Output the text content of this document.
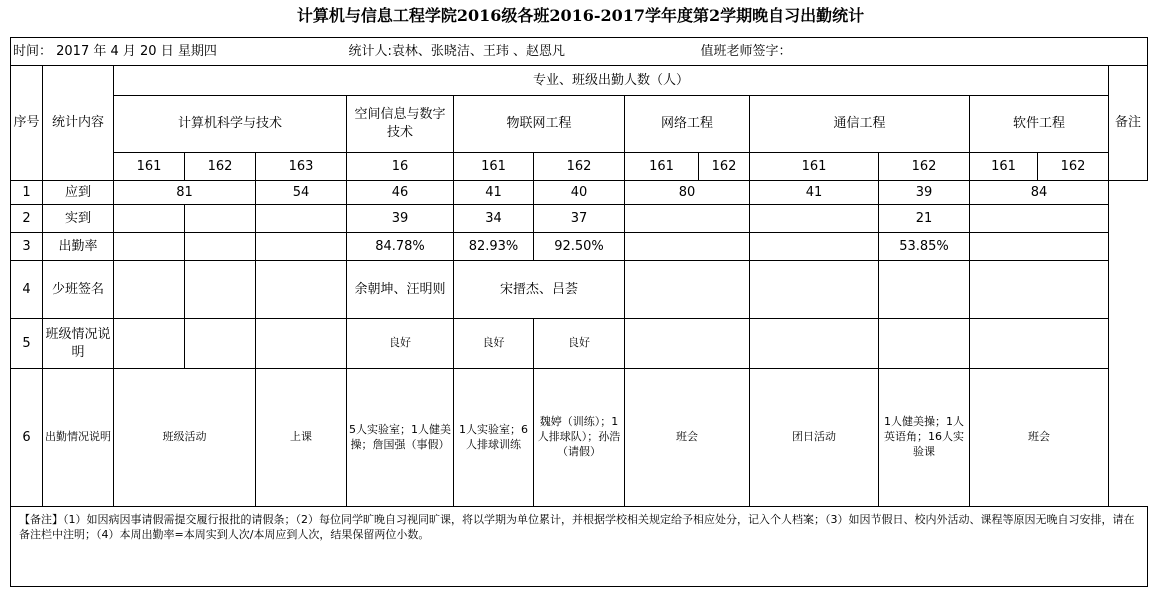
计算机与信息工程学院2016级各班2016-2017学年度第2学期晚自习出勤统计
时间： 2017 年 4 月 20 日 星期四					统计人:袁林、张晓洁、王玮 、赵恩凡				值班老师签字：					
序号	统计内容	专业、班级出勤人数（人）												备注
		计算机科学与技术			空间信息与数字技术	物联网工程		网络工程		通信工程		软件工程		
		161	162	163	16	161	162	161	162	161	162	161	162	
1	应到	81		54	46	41	40	80		41	39	84		
2	实到				39	34	37				21			
3	出勤率				84.78%	82.93%	92.50%				53.85%			
4	少班签名				余朝坤、汪明则	宋搢杰、吕荟								
5	班级情况说明				良好	良好	良好							
6	出勤情况说明	班级活动		上课	5人实验室；1人健美操；詹国强（事假）	1人实验室；6人排球训练	魏婷（训练）；1人排球队）；孙浩（请假）	班会		团日活动	1人健美操；1人英语角；16人实验课	班会		
【备注】（1）如因病因事请假需提交履行报批的请假条；（2）每位同学旷晚自习视同旷课，将以学期为单位累计，并根据学校相关规定给予相应处分，记入个人档案；（3）如因节假日、校内外活动、课程等原因无晚自习安排，请在备注栏中注明；（4）本周出勤率=本周实到人次/本周应到人次，结果保留两位小数。														
